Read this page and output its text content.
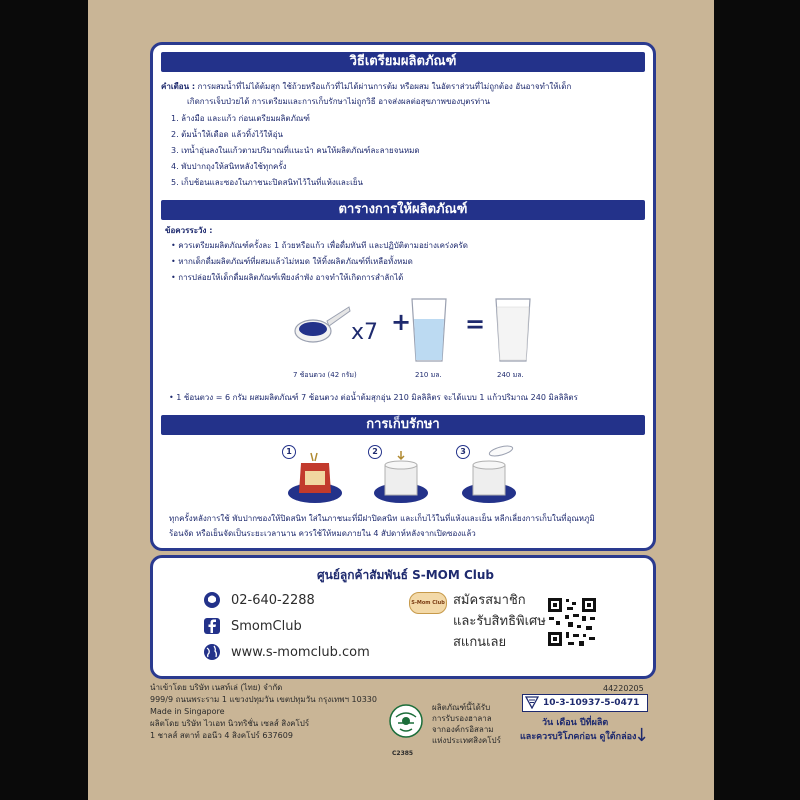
วิธีเตรียมผลิตภัณฑ์
คำเตือน : การผสมน้ำที่ไม่ได้ต้มสุก ใช้ถ้วยหรือแก้วที่ไม่ได้ผ่านการต้ม หรือผสม ในอัตราส่วนที่ไม่ถูกต้อง อันอาจทำให้เด็ก
เกิดการเจ็บป่วยได้ การเตรียมและการเก็บรักษาไม่ถูกวิธี อาจส่งผลต่อสุขภาพของบุตรท่าน
1. ล้างมือ และแก้ว ก่อนเตรียมผลิตภัณฑ์
2. ต้มน้ำให้เดือด แล้วทิ้งไว้ให้อุ่น
3. เทน้ำอุ่นลงในแก้วตามปริมาณที่แนะนำ คนให้ผลิตภัณฑ์ละลายจนหมด
4. พับปากถุงให้สนิทหลังใช้ทุกครั้ง
5. เก็บช้อนและซองในภาชนะปิดสนิทไว้ในที่แห้งและเย็น
ตารางการให้ผลิตภัณฑ์
ข้อควรระวัง :
• ควรเตรียมผลิตภัณฑ์ครั้งละ 1 ถ้วยหรือแก้ว เพื่อดื่มทันที และปฏิบัติตามอย่างเคร่งครัด
• หากเด็กดื่มผลิตภัณฑ์ที่ผสมแล้วไม่หมด ให้ทิ้งผลิตภัณฑ์ที่เหลือทั้งหมด
• การปล่อยให้เด็กดื่มผลิตภัณฑ์เพียงลำพัง อาจทำให้เกิดการสำลักได้
x7 + =
7 ช้อนตวง (42 กรัม)	210 มล.	240 มล.
• 1 ช้อนตวง = 6 กรัม ผสมผลิตภัณฑ์ 7 ช้อนตวง ต่อน้ำต้มสุกอุ่น 210 มิลลิลิตร จะได้แบบ 1 แก้วปริมาณ 240 มิลลิลิตร
การเก็บรักษา
1	2	3
ทุกครั้งหลังการใช้ พับปากซองให้ปิดสนิท ใส่ในภาชนะที่มีฝาปิดสนิท และเก็บไว้ในที่แห้งและเย็น หลีกเลี่ยงการเก็บในที่อุณหภูมิ
ร้อนจัด หรือเย็นจัดเป็นระยะเวลานาน ควรใช้ให้หมดภายใน 4 สัปดาห์หลังจากเปิดซองแล้ว
ศูนย์ลูกค้าสัมพันธ์ S-MOM Club
02-640-2288
SmomClub
www.s-momclub.com
S-Mom Club สมัครสมาชิก
และรับสิทธิพิเศษ
สแกนเลย
นำเข้าโดย บริษัท เนสท์เล่ (ไทย) จำกัด
999/9 ถนนพระราม 1 แขวงปทุมวัน เขตปทุมวัน กรุงเทพฯ 10330
Made in Singapore
ผลิตโดย บริษัท ไวเอท นิวทริชั่น เซลส์ สิงคโปร์
1 ชาลส์ สตาท์ ออนีว 4 สิงคโปร์ 637609
C2385
ผลิตภัณฑ์นี้ได้รับ
การรับรองฮาลาล
จากองค์กรอิสลาม
แห่งประเทศสิงคโปร์
44220205
10-3-10937-5-0471
วัน เดือน ปีที่ผลิต
และควรบริโภคก่อน ดูใต้กล่อง
↓
